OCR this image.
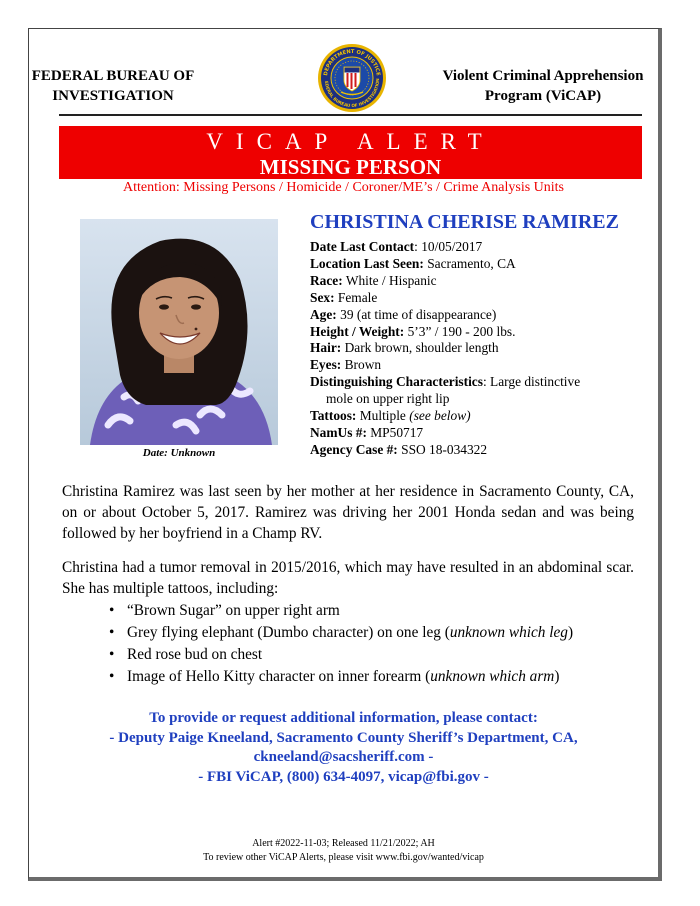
FEDERAL BUREAU OF
INVESTIGATION
DEPARTMENT OF JUSTICE
EDERAL BUREAU OF INVESTIGATION	Violent Criminal Apprehension
Program (ViCAP)
VICAP ALERT
MISSING PERSON
Attention: Missing Persons / Homicide / Coroner/ME’s / Crime Analysis Units
Date: Unknown
CHRISTINA CHERISE RAMIREZ
Date Last Contact: 10/05/2017
Location Last Seen: Sacramento, CA
Race: White / Hispanic
Sex: Female
Age: 39 (at time of disappearance)
Height / Weight: 5’3” / 190 - 200 lbs.
Hair: Dark brown, shoulder length
Eyes: Brown
Distinguishing Characteristics: Large distinctive
mole on upper right lip
Tattoos: Multiple (see below)
NamUs #: MP50717
Agency Case #: SSO 18-034322
Christina Ramirez was last seen by her mother at her residence in Sacramento County, CA, on or about October 5, 2017. Ramirez was driving her 2001 Honda sedan and was being followed by her boyfriend in a Champ RV.
Christina had a tumor removal in 2015/2016, which may have resulted in an abdominal scar. She has multiple tattoos, including:
• “Brown Sugar” on upper right arm
• Grey flying elephant (Dumbo character) on one leg (unknown which leg)
• Red rose bud on chest
• Image of Hello Kitty character on inner forearm (unknown which arm)
To provide or request additional information, please contact:
- Deputy Paige Kneeland, Sacramento County Sheriff’s Department, CA,
ckneeland@sacsheriff.com -
- FBI ViCAP, (800) 634-4097, vicap@fbi.gov -
Alert #2022-11-03; Released 11/21/2022; AH
To review other ViCAP Alerts, please visit www.fbi.gov/wanted/vicap
